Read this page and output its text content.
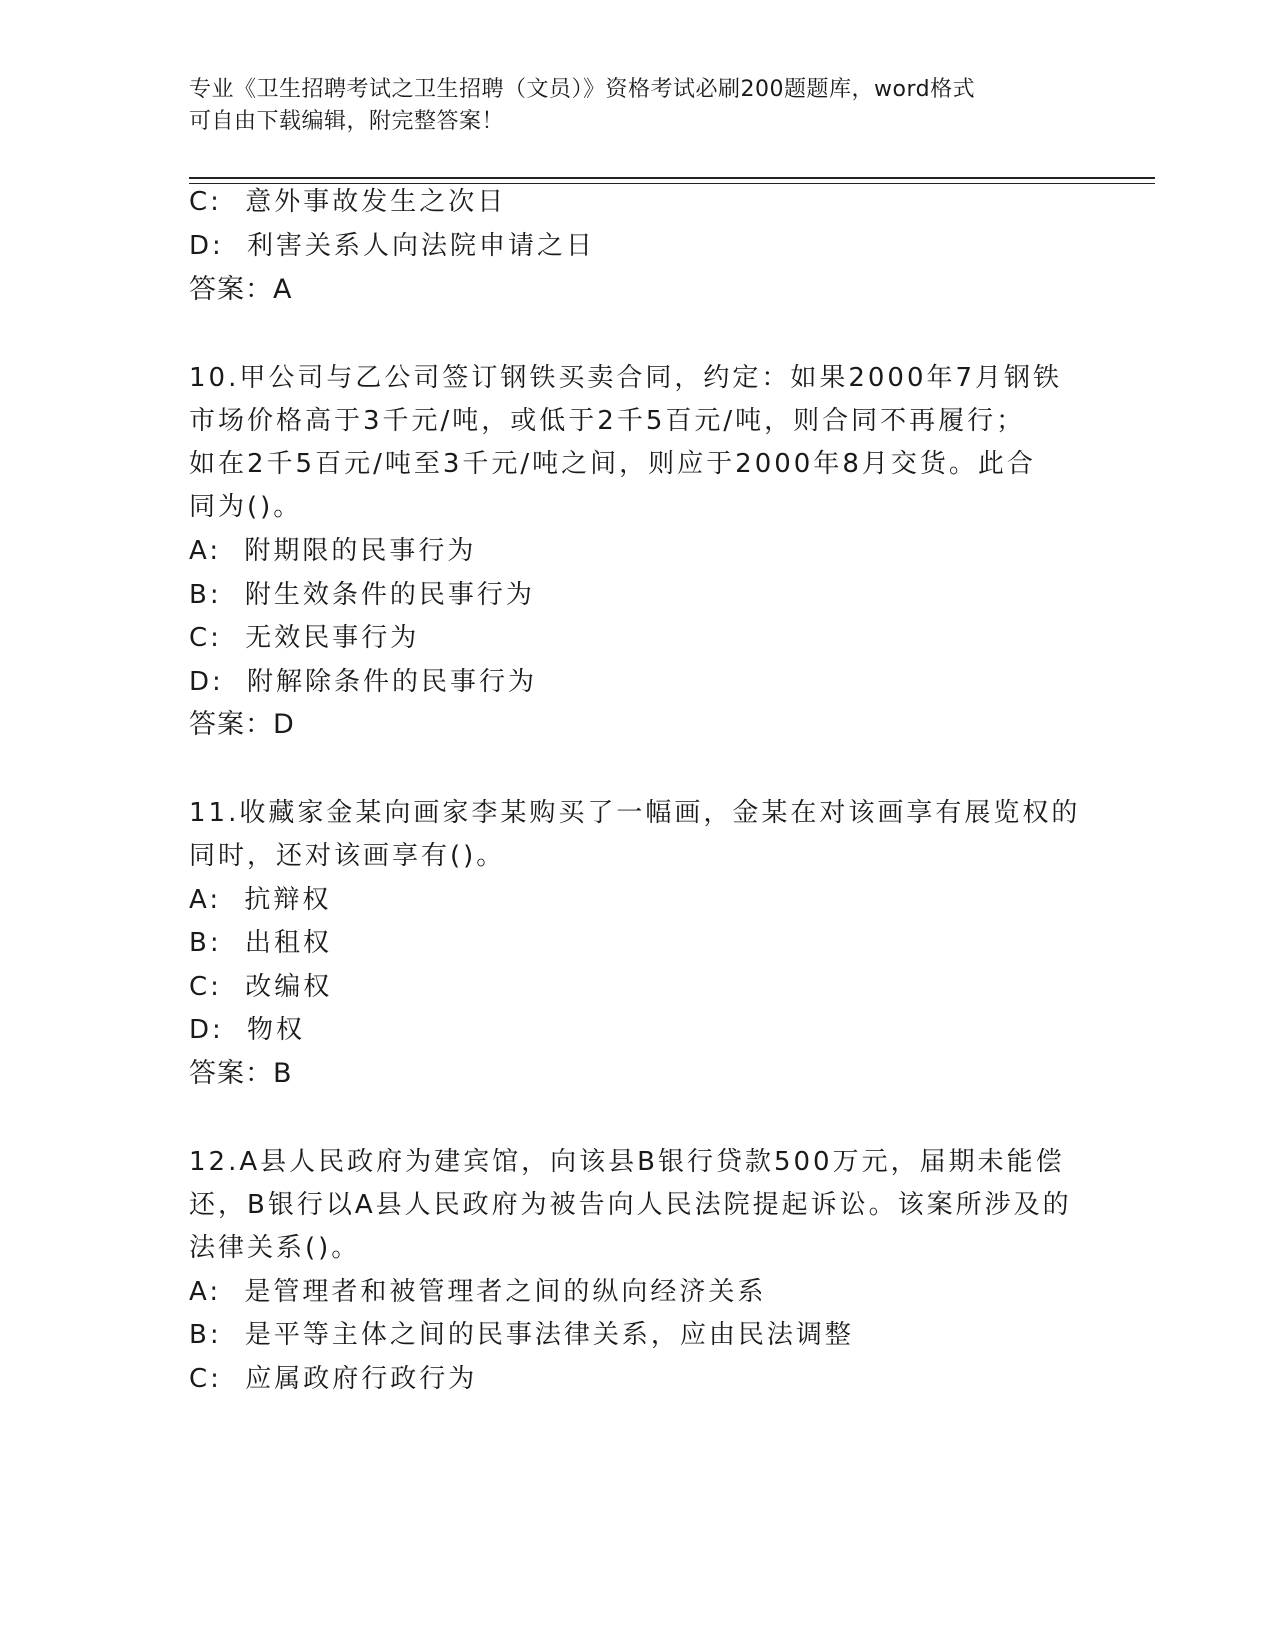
专业《卫生招聘考试之卫生招聘（文员）》资格考试必刷200题题库，word格式
可自由下载编辑，附完整答案！
C: 意外事故发生之次日
D: 利害关系人向法院申请之日
答案：A
10.甲公司与乙公司签订钢铁买卖合同，约定：如果2000年7月钢铁
市场价格高于3千元/吨，或低于2千5百元/吨，则合同不再履行；
如在2千5百元/吨至3千元/吨之间，则应于2000年8月交货。此合
同为()。
A: 附期限的民事行为
B: 附生效条件的民事行为
C: 无效民事行为
D: 附解除条件的民事行为
答案：D
11.收藏家金某向画家李某购买了一幅画，金某在对该画享有展览权的
同时，还对该画享有()。
A: 抗辩权
B: 出租权
C: 改编权
D: 物权
答案：B
12.A县人民政府为建宾馆，向该县B银行贷款500万元，届期未能偿
还，B银行以A县人民政府为被告向人民法院提起诉讼。该案所涉及的
法律关系()。
A: 是管理者和被管理者之间的纵向经济关系
B: 是平等主体之间的民事法律关系，应由民法调整
C: 应属政府行政行为
